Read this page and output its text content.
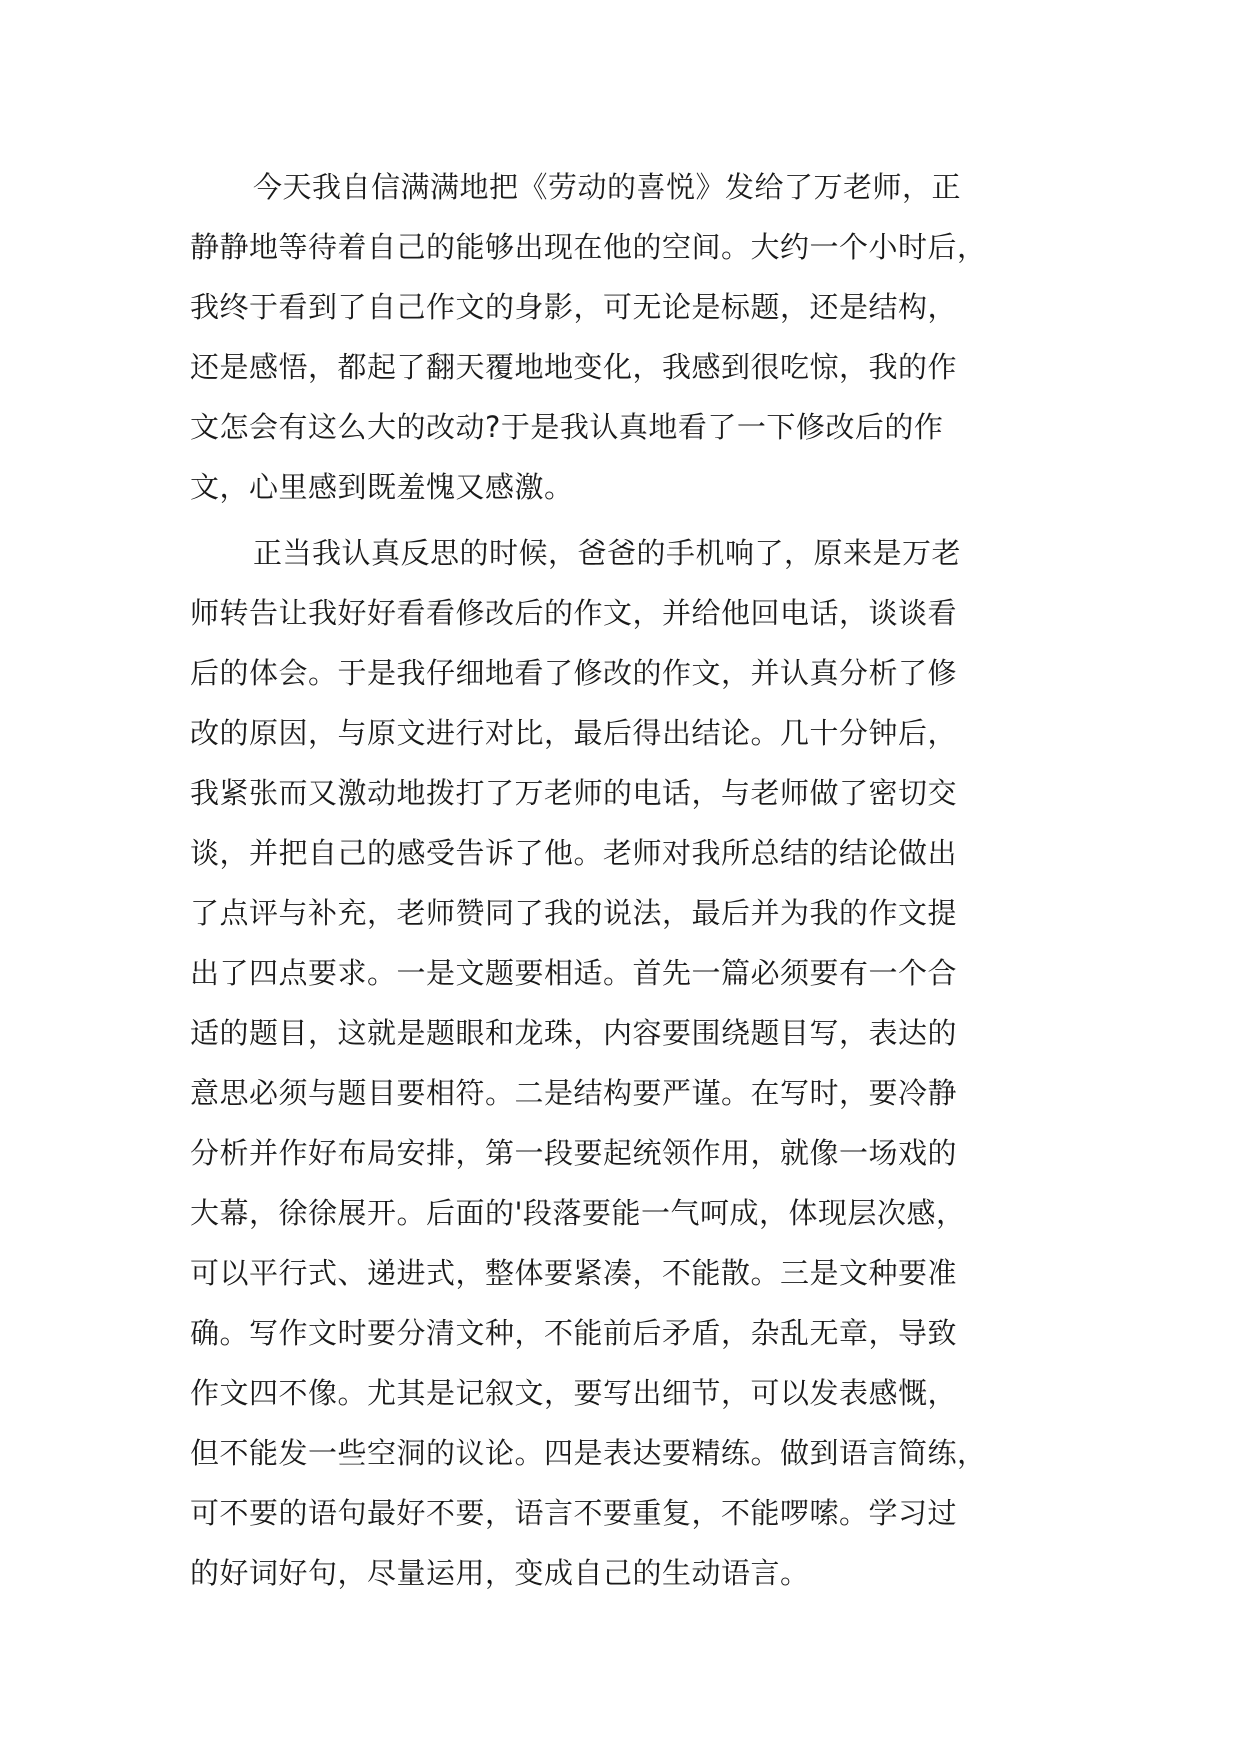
今天我自信满满地把《劳动的喜悦》发给了万老师，正
静静地等待着自己的能够出现在他的空间。大约一个小时后，
我终于看到了自己作文的身影，可无论是标题，还是结构，
还是感悟，都起了翻天覆地地变化，我感到很吃惊，我的作
文怎会有这么大的改动?于是我认真地看了一下修改后的作
文，心里感到既羞愧又感激。
正当我认真反思的时候，爸爸的手机响了，原来是万老
师转告让我好好看看修改后的作文，并给他回电话，谈谈看
后的体会。于是我仔细地看了修改的作文，并认真分析了修
改的原因，与原文进行对比，最后得出结论。几十分钟后，
我紧张而又激动地拨打了万老师的电话，与老师做了密切交
谈，并把自己的感受告诉了他。老师对我所总结的结论做出
了点评与补充，老师赞同了我的说法，最后并为我的作文提
出了四点要求。一是文题要相适。首先一篇必须要有一个合
适的题目，这就是题眼和龙珠，内容要围绕题目写，表达的
意思必须与题目要相符。二是结构要严谨。在写时，要冷静
分析并作好布局安排，第一段要起统领作用，就像一场戏的
大幕，徐徐展开。后面的'段落要能一气呵成，体现层次感，
可以平行式、递进式，整体要紧凑，不能散。三是文种要准
确。写作文时要分清文种，不能前后矛盾，杂乱无章，导致
作文四不像。尤其是记叙文，要写出细节，可以发表感慨，
但不能发一些空洞的议论。四是表达要精练。做到语言简练，
可不要的语句最好不要，语言不要重复，不能啰嗦。学习过
的好词好句，尽量运用，变成自己的生动语言。
